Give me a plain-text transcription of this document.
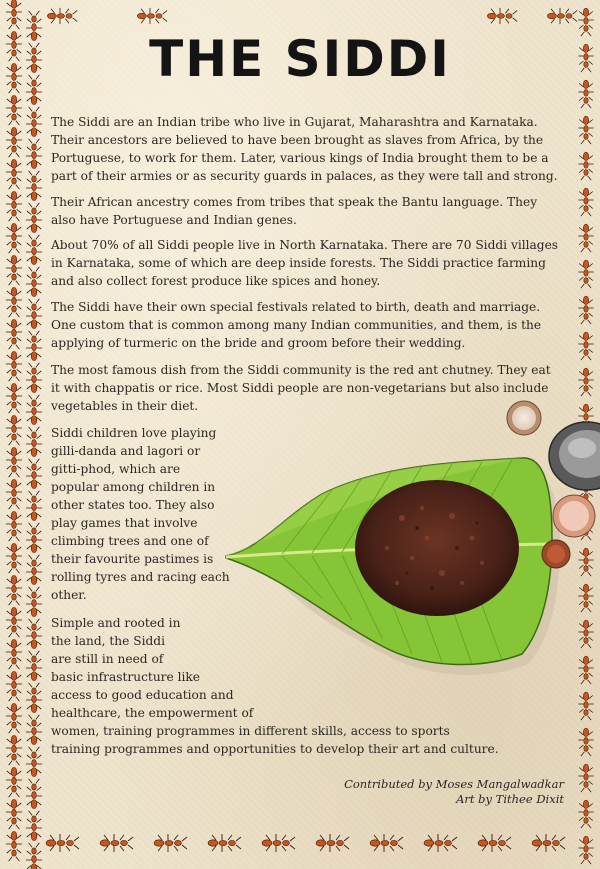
THE SIDDI

The Siddi are an Indian tribe who live in Gujarat, Maharashtra and Karnataka. Their ancestors are believed to have been brought as slaves from Africa, by the Portuguese, to work for them. Later, various kings of India brought them to be a part of their armies or as security guards in palaces, as they were tall and strong.

Their African ancestry comes from tribes that speak the Bantu language. They also have Portuguese and Indian genes.

About 70% of all Siddi people live in North Karnataka. There are 70 Siddi villages in Karnataka, some of which are deep inside forests. The Siddi practice farming and also collect forest produce like spices and honey.

The Siddi have their own special festivals related to birth, death and marriage. One custom that is common among many Indian communities, and them, is the applying of turmeric on the bride and groom before their wedding.

The most famous dish from the Siddi community is the red ant chutney. They eat it with chappatis or rice. Most Siddi people are non-vegetarians but also include vegetables in their diet.

Siddi children love playing gilli-danda and lagori or gitti-phod, which are popular among children in other states too. They also play games that involve climbing trees and one of their favourite pastimes is rolling tyres and racing each other.

Simple and rooted in
the land, the Siddi
are still in need of
basic infrastructure like
access to good education and
healthcare, the empowerment of
women, training programmes in different skills, access to sports
training programmes and opportunities to develop their art and culture.

Contributed by Moses Mangalwadkar

Art by Tithee Dixit
